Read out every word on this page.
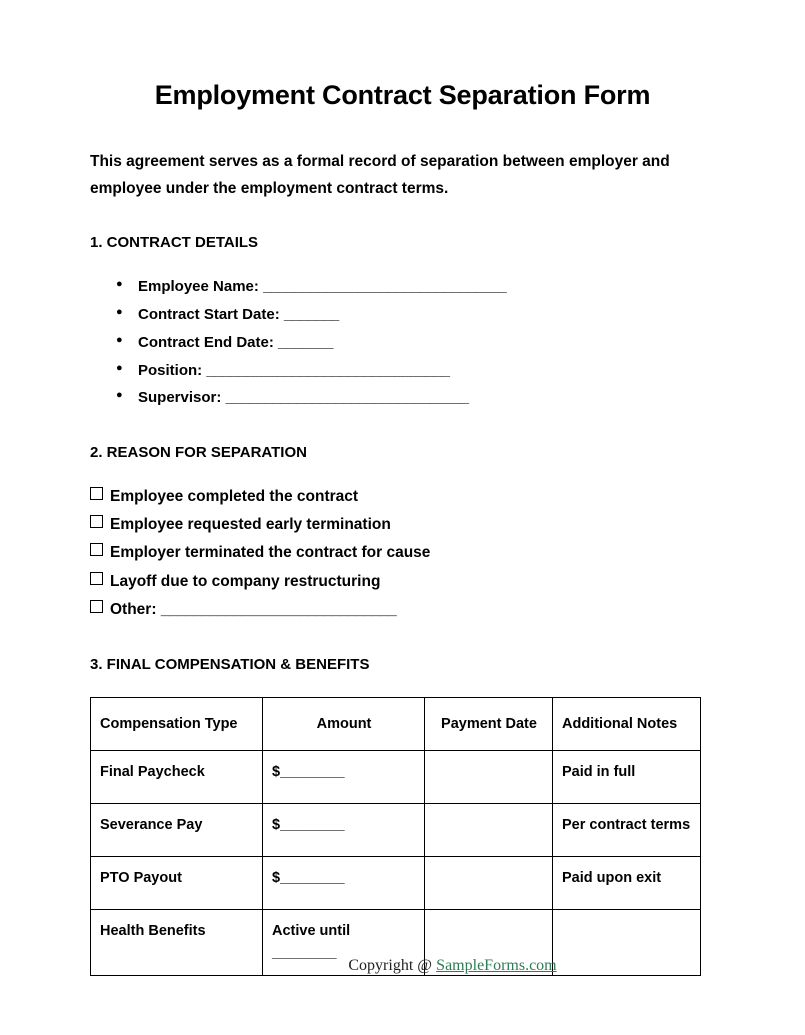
Employment Contract Separation Form

This agreement serves as a formal record of separation between employer and employee under the employment contract terms.

1. CONTRACT DETAILS
● Employee Name: _______________________________
● Contract Start Date: _______
● Contract End Date: _______
● Position: _______________________________
● Supervisor: _______________________________
2. REASON FOR SEPARATION
Employee completed the contract
Employee requested early termination
Employer terminated the contract for cause
Layoff due to company restructuring
Other: _____________________________
3. FINAL COMPENSATION & BENEFITS
Compensation Type	Amount	Payment Date	Additional Notes
Final Paycheck	$________		Paid in full
Severance Pay	$________		Per contract terms
PTO Payout	$________		Paid upon exit
Health Benefits	Active until ________		
Copyright @ SampleForms.com
